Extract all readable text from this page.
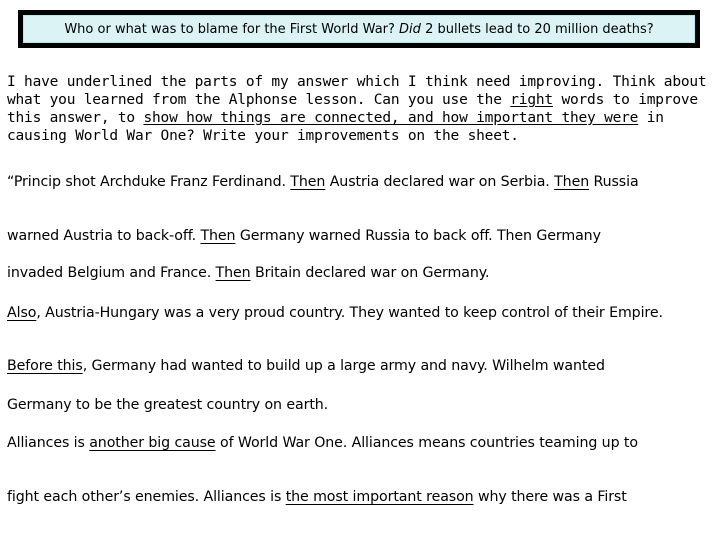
Who or what was to blame for the First World War?
Did
2 bullets lead to 20 million deaths?
I have underlined the parts of my answer which I think need improving. Think about what you learned from the Alphonse lesson. Can you use the right words to improve this answer, to show how things are connected, and how important they were in causing World War One? Write your improvements on the sheet.
“Princip shot Archduke Franz Ferdinand. Then Austria declared war on Serbia. Then Russia
warned Austria to back-off. Then Germany warned Russia to back off. Then Germany
invaded Belgium and France. Then Britain declared war on Germany.
Also, Austria-Hungary was a very proud country. They wanted to keep control of their Empire.
Before this, Germany had wanted to build up a large army and navy. Wilhelm wanted
Germany to be the greatest country on earth.
Alliances is another big cause of World War One. Alliances means countries teaming up to
fight each other’s enemies. Alliances is the most important reason why there was a First
